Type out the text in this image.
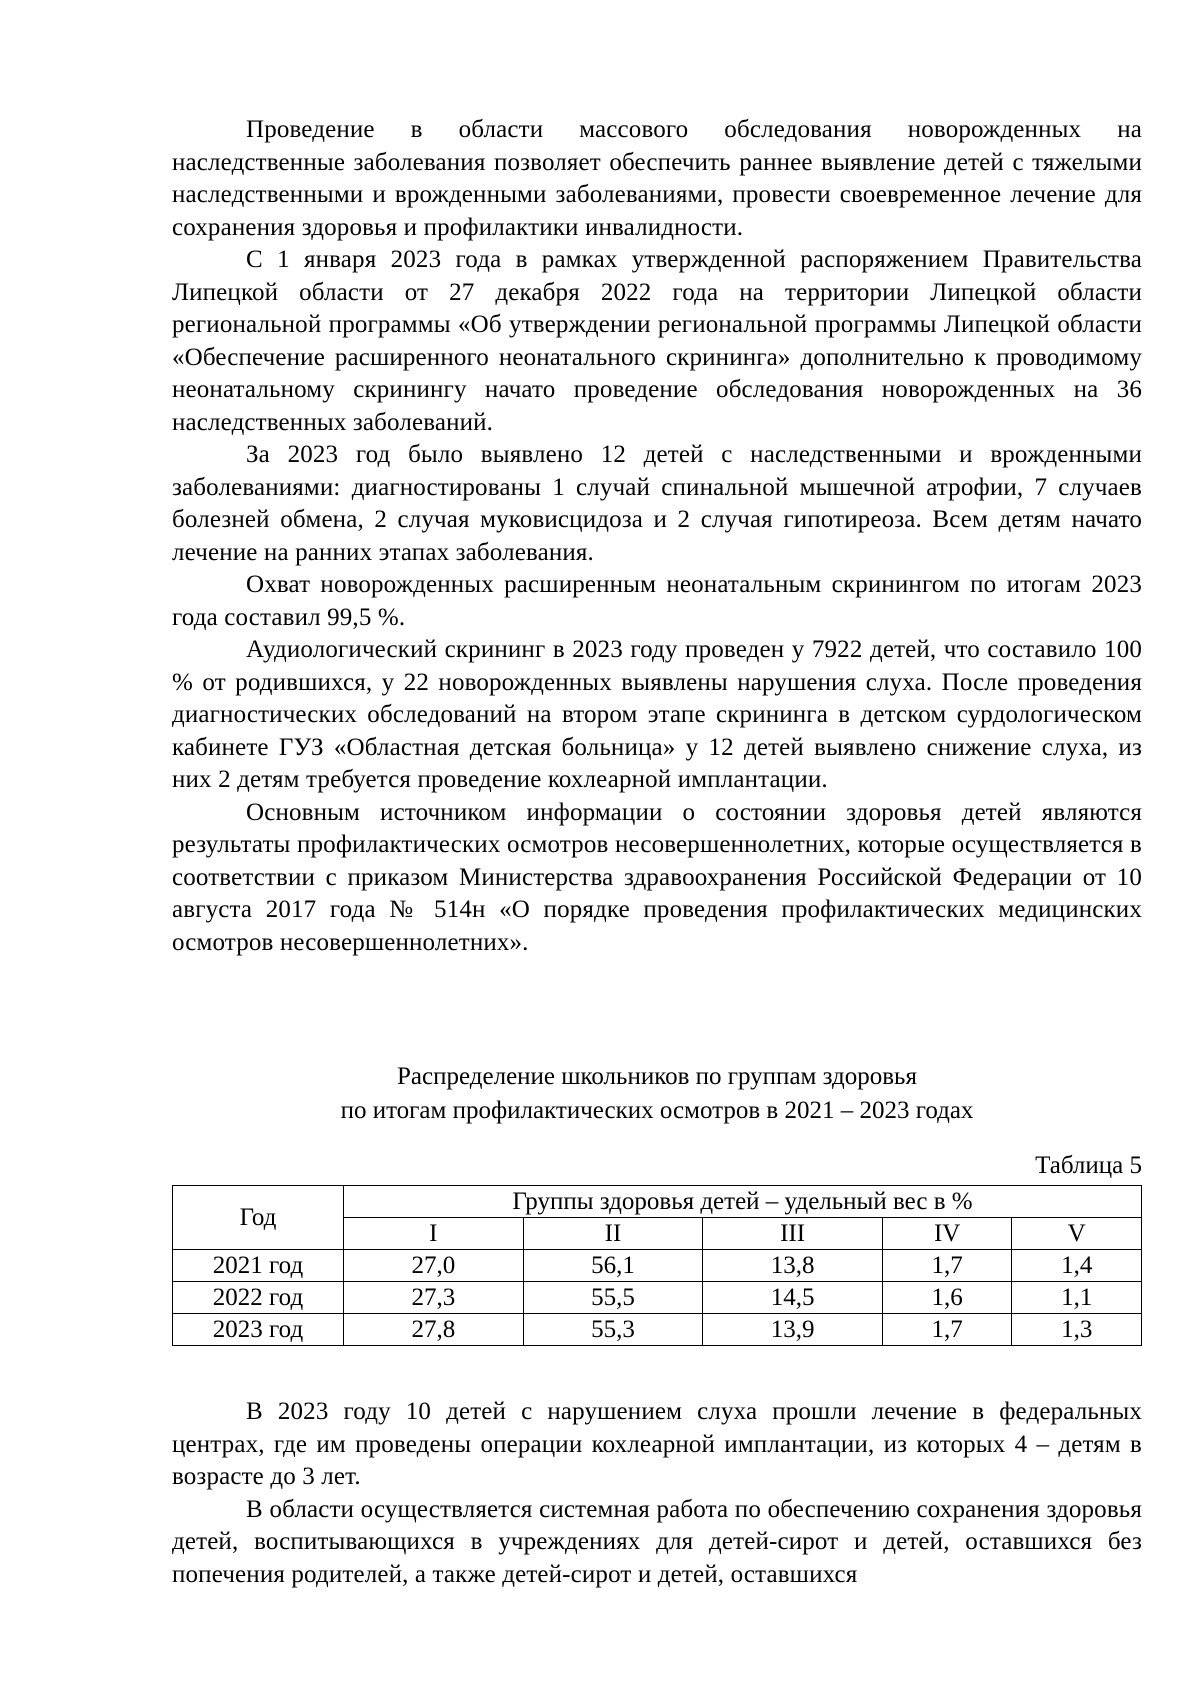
Проведение в области массового обследования новорожденных на наследственные заболевания позволяет обеспечить раннее выявление детей с тяжелыми наследственными и врожденными заболеваниями, провести своевременное лечение для сохранения здоровья и профилактики инвалидности.

С 1 января 2023 года в рамках утвержденной распоряжением Правительства Липецкой области от 27 декабря 2022 года на территории Липецкой области региональной программы «Об утверждении региональной программы Липецкой области «Обеспечение расширенного неонатального скрининга» дополнительно к проводимому неонатальному скринингу начато проведение обследования новорожденных на 36 наследственных заболеваний.

За 2023 год было выявлено 12 детей с наследственными и врожденными заболеваниями: диагностированы 1 случай спинальной мышечной атрофии, 7 случаев болезней обмена, 2 случая муковисцидоза и 2 случая гипотиреоза. Всем детям начато лечение на ранних этапах заболевания.

Охват новорожденных расширенным неонатальным скринингом по итогам 2023 года составил 99,5 %.

Аудиологический скрининг в 2023 году проведен у 7922 детей, что составило 100 % от родившихся, у 22 новорожденных выявлены нарушения слуха. После проведения диагностических обследований на втором этапе скрининга в детском сурдологическом кабинете ГУЗ «Областная детская больница» у 12 детей выявлено снижение слуха, из них 2 детям требуется проведение кохлеарной имплантации.

Основным источником информации о состоянии здоровья детей являются результаты профилактических осмотров несовершеннолетних, которые осуществляется в соответствии с приказом Министерства здравоохранения Российской Федерации от 10 августа 2017 года № 514н «О порядке проведения профилактических медицинских осмотров несовершеннолетних».

Распределение школьников по группам здоровья
по итогам профилактических осмотров в 2021 – 2023 годах
Таблица 5
Год	Группы здоровья детей – удельный вес в %				
	I	II	III	IV	V
2021 год	27,0	56,1	13,8	1,7	1,4
2022 год	27,3	55,5	14,5	1,6	1,1
2023 год	27,8	55,3	13,9	1,7	1,3

В 2023 году 10 детей с нарушением слуха прошли лечение в федеральных центрах, где им проведены операции кохлеарной имплантации, из которых 4 – детям в возрасте до 3 лет.

В области осуществляется системная работа по обеспечению сохранения здоровья детей, воспитывающихся в учреждениях для детей-сирот и детей, оставшихся без попечения родителей, а также детей-сирот и детей, оставшихся
